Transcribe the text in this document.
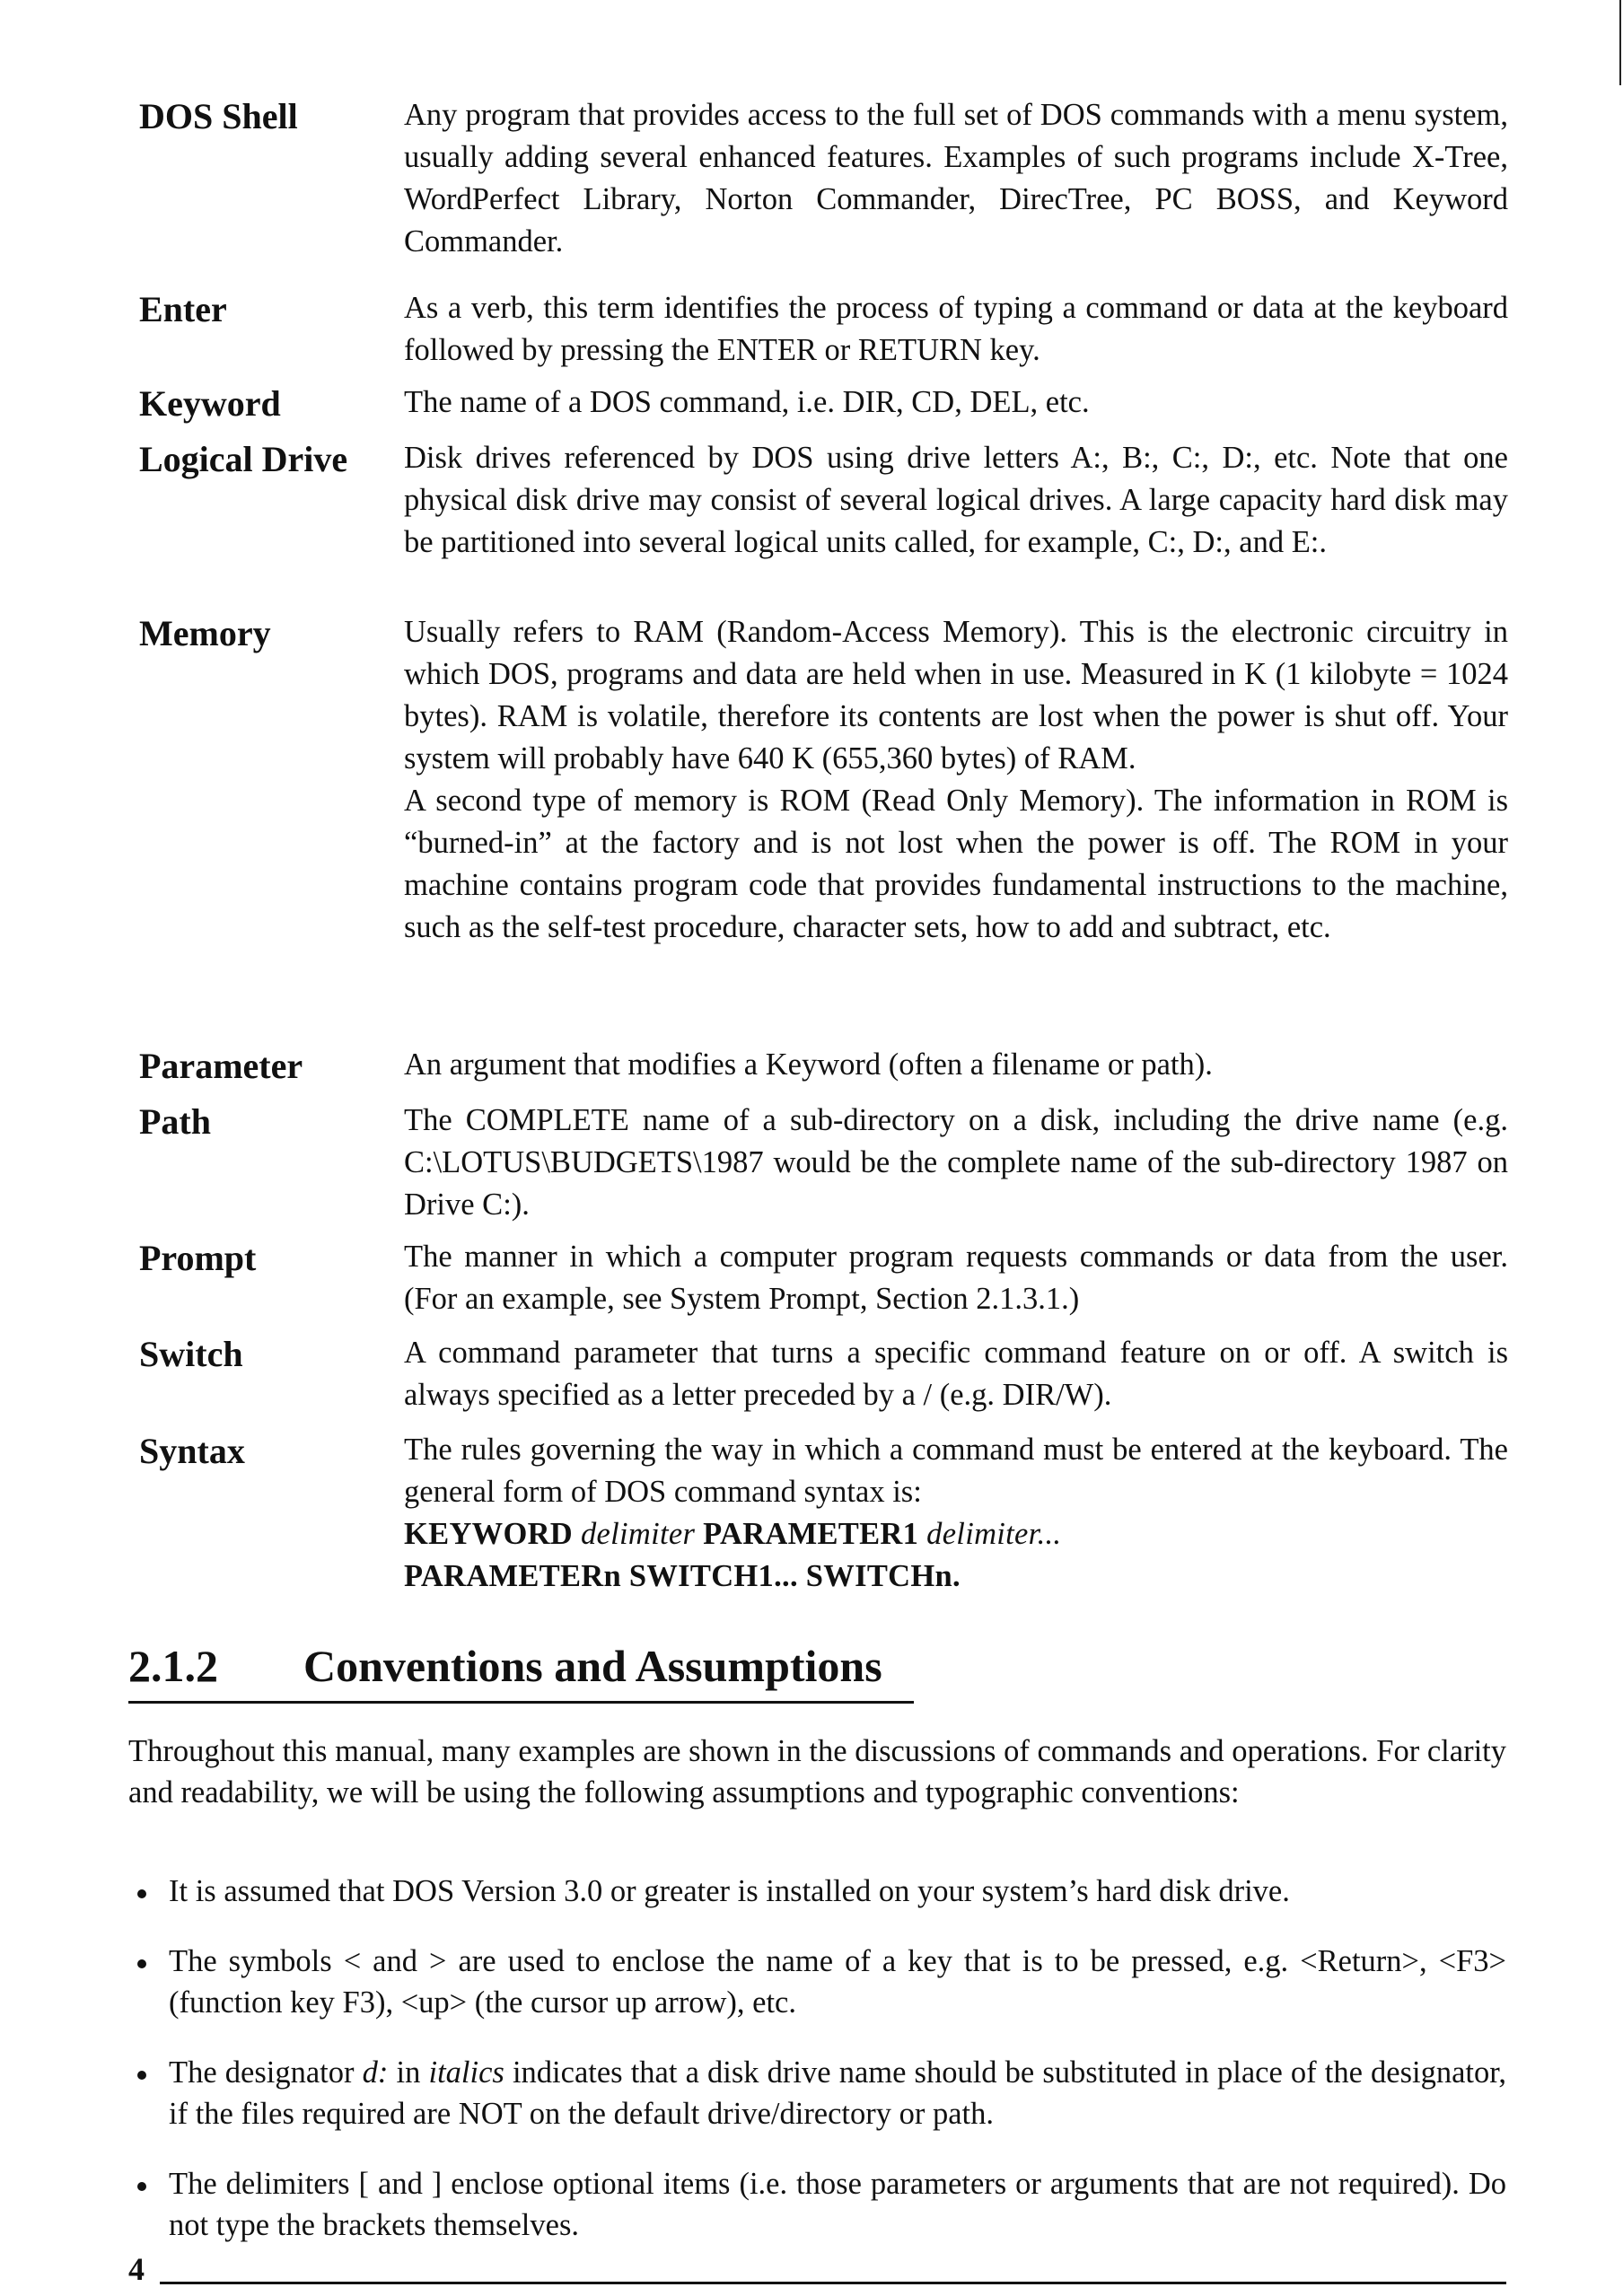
DOS Shell	Any program that provides access to the full set of DOS commands with a menu system, usually adding several enhanced features. Examples of such programs include X-Tree, WordPerfect Library, Norton Commander, DirecTree, PC BOSS, and Keyword Commander.

Enter	As a verb, this term identifies the process of typing a command or data at the keyboard followed by pressing the ENTER or RETURN key.

Keyword	The name of a DOS command, i.e. DIR, CD, DEL, etc.

Logical Drive	Disk drives referenced by DOS using drive letters A:, B:, C:, D:, etc. Note that one physical disk drive may consist of several logical drives. A large capacity hard disk may be partitioned into several logical units called, for example, C:, D:, and E:.

Memory	Usually refers to RAM (Random-Access Memory). This is the electronic circuitry in which DOS, programs and data are held when in use. Measured in K (1 kilobyte = 1024 bytes). RAM is volatile, therefore its contents are lost when the power is shut off. Your system will probably have 640 K (655,360 bytes) of RAM.

A second type of memory is ROM (Read Only Memory). The information in ROM is “burned-in” at the factory and is not lost when the power is off. The ROM in your machine contains program code that provides fundamental instructions to the machine, such as the self-test procedure, character sets, how to add and subtract, etc.

Parameter	An argument that modifies a Keyword (often a filename or path).

Path	The COMPLETE name of a sub-directory on a disk, including the drive name (e.g. C:\LOTUS\BUDGETS\1987 would be the complete name of the sub-directory 1987 on Drive C:).

Prompt	The manner in which a computer program requests commands or data from the user. (For an example, see System Prompt, Section 2.1.3.1.)

Switch	A command parameter that turns a specific command feature on or off. A switch is always specified as a letter preceded by a / (e.g. DIR/W).

Syntax	The rules governing the way in which a command must be entered at the keyboard. The general form of DOS command syntax is:

KEYWORD delimiter PARAMETER1 delimiter...

PARAMETERn SWITCH1... SWITCHn.

2.1.2 Conventions and Assumptions

Throughout this manual, many examples are shown in the discussions of commands and operations. For clarity and readability, we will be using the following assumptions and typographic conventions:

It is assumed that DOS Version 3.0 or greater is installed on your system’s hard disk drive.
The symbols < and > are used to enclose the name of a key that is to be pressed, e.g. <Return>, <F3> (function key F3), <up> (the cursor up arrow), etc.
The designator d: in italics indicates that a disk drive name should be substituted in place of the designator, if the files required are NOT on the default drive/directory or path.
The delimiters [ and ] enclose optional items (i.e. those parameters or arguments that are not required). Do not type the brackets themselves.
4
